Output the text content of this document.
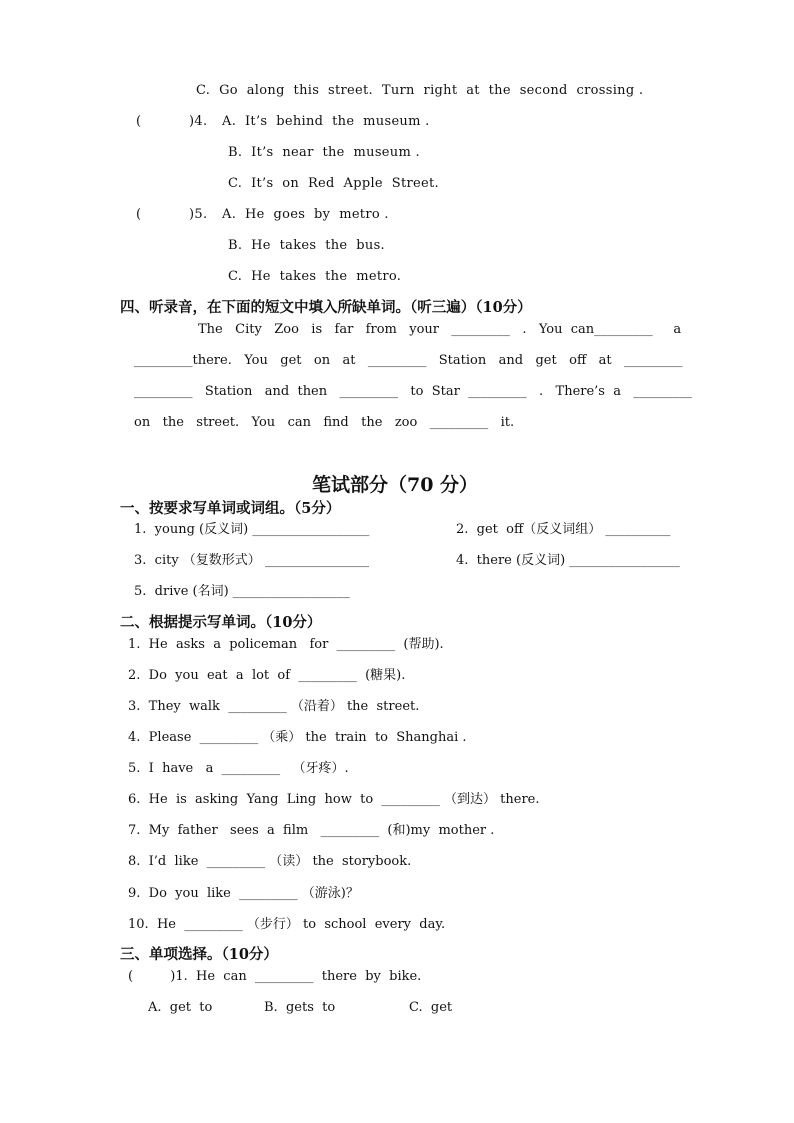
C.  Go  along  this  street.  Turn  right  at  the  second  crossing .
(	)4. A.  It’s  behind  the  museum .
B.  It’s  near  the  museum .
C.  It’s  on  Red  Apple  Street.
(	)5. A.  He  goes  by  metro .
B.  He  takes  the  bus.
C.  He  takes  the  metro.
四、听录音，在下面的短文中填入所缺单词。（听三遍）（10分）
The   City   Zoo   is   far   from   your   _________   .   You  can_________     a
_________there.   You   get   on   at   _________   Station   and   get   off   at   _________
_________   Station   and  then   _________   to  Star  _________   .   There’s  a   _________
on   the   street.   You   can   find   the   zoo   _________   it.
笔试部分（70 分）
一、按要求写单词或词组。（5分）
1.  young (反义词) __________________	2.  get  off（反义词组） __________
3.  city （复数形式） ________________	4.  there (反义词) _________________
5.  drive (名词) __________________
二、根据提示写单词。（10分）
1.  He  asks  a  policeman   for  _________  (帮助).
2.  Do  you  eat  a  lot  of  _________  (糖果).
3.  They  walk  _________ （沿着） the  street.
4.  Please  _________ （乘） the  train  to  Shanghai .
5.  I  have   a  _________   （牙疼）.
6.  He  is  asking  Yang  Ling  how  to  _________ （到达） there.
7.  My  father   sees  a  film   _________  (和)my  mother .
8.  I’d  like  _________ （读） the  storybook.
9.  Do  you  like  _________ （游泳)？
10.  He  _________ （步行） to  school  every  day.
三、单项选择。（10分）
(         )1.  He  can  _________  there  by  bike.
A.  get  to	B.  gets  to	C.  get
